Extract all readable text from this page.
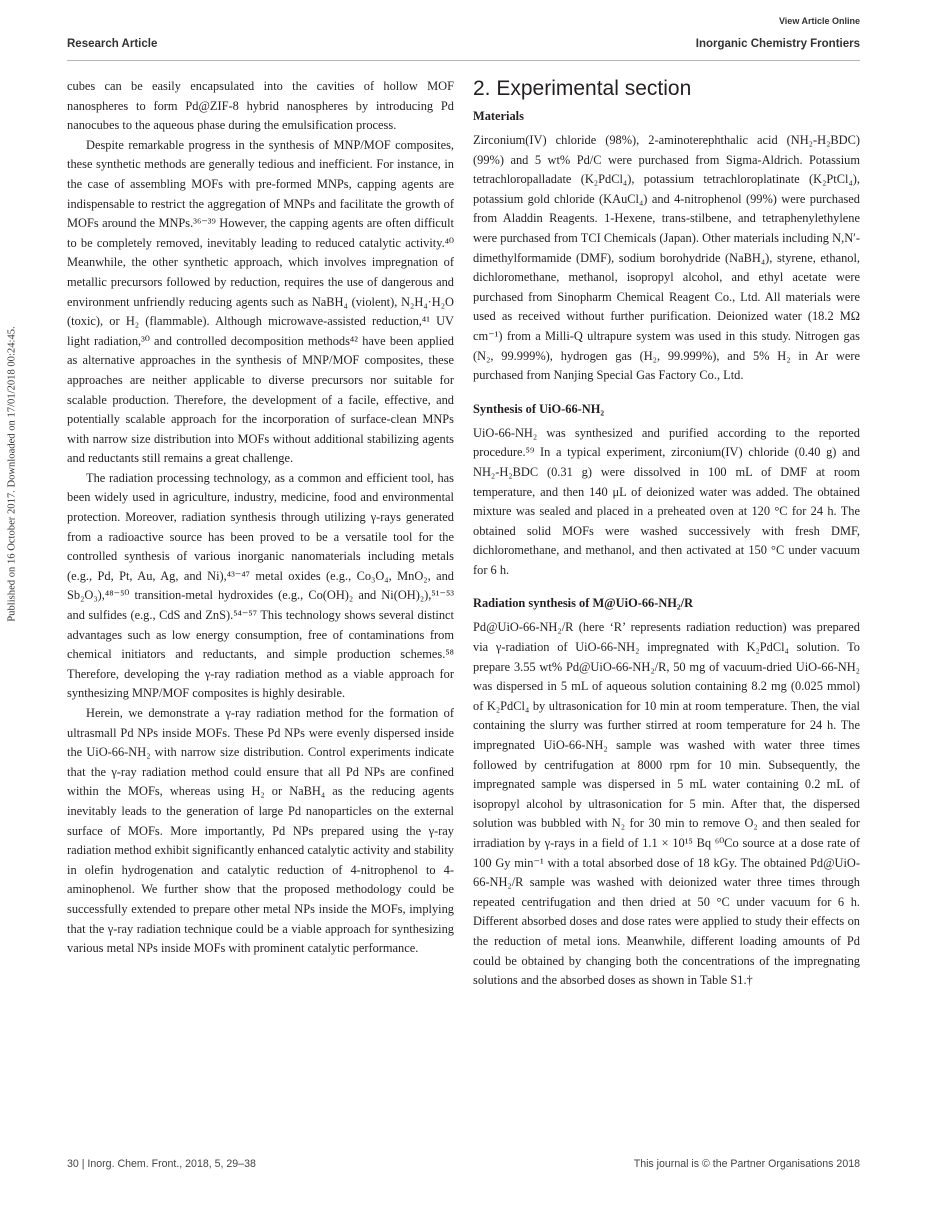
View Article Online
Research Article	Inorganic Chemistry Frontiers
Published on 16 October 2017. Downloaded on 17/01/2018 00:24:45.

cubes can be easily encapsulated into the cavities of hollow MOF nanospheres to form Pd@ZIF-8 hybrid nanospheres by introducing Pd nanocubes to the aqueous phase during the emulsification process.

Despite remarkable progress in the synthesis of MNP/MOF composites, these synthetic methods are generally tedious and inefficient. For instance, in the case of assembling MOFs with pre-formed MNPs, capping agents are indispensable to restrict the aggregation of MNPs and facilitate the growth of MOFs around the MNPs.³⁶⁻³⁹ However, the capping agents are often difficult to be completely removed, inevitably leading to reduced catalytic activity.⁴⁰ Meanwhile, the other synthetic approach, which involves impregnation of metallic precursors followed by reduction, requires the use of dangerous and environment unfriendly reducing agents such as NaBH₄ (violent), N₂H₄·H₂O (toxic), or H₂ (flammable). Although microwave-assisted reduction,⁴¹ UV light radiation,³⁰ and controlled decomposition methods⁴² have been applied as alternative approaches in the synthesis of MNP/MOF composites, these approaches are neither applicable to diverse precursors nor suitable for scalable production. Therefore, the development of a facile, effective, and potentially scalable approach for the incorporation of surface-clean MNPs with narrow size distribution into MOFs without additional stabilizing agents and reductants still remains a great challenge.

The radiation processing technology, as a common and efficient tool, has been widely used in agriculture, industry, medicine, food and environmental protection. Moreover, radiation synthesis through utilizing γ-rays generated from a radioactive source has been proved to be a versatile tool for the controlled synthesis of various inorganic nanomaterials including metals (e.g., Pd, Pt, Au, Ag, and Ni),⁴³⁻⁴⁷ metal oxides (e.g., Co₃O₄, MnO₂, and Sb₂O₃),⁴⁸⁻⁵⁰ transition-metal hydroxides (e.g., Co(OH)₂ and Ni(OH)₂),⁵¹⁻⁵³ and sulfides (e.g., CdS and ZnS).⁵⁴⁻⁵⁷ This technology shows several distinct advantages such as low energy consumption, free of contaminations from chemical initiators and reductants, and simple production schemes.⁵⁸ Therefore, developing the γ-ray radiation method as a viable approach for synthesizing MNP/MOF composites is highly desirable.

Herein, we demonstrate a γ-ray radiation method for the formation of ultrasmall Pd NPs inside MOFs. These Pd NPs were evenly dispersed inside the UiO-66-NH₂ with narrow size distribution. Control experiments indicate that the γ-ray radiation method could ensure that all Pd NPs are confined within the MOFs, whereas using H₂ or NaBH₄ as the reducing agents inevitably leads to the generation of large Pd nanoparticles on the external surface of MOFs. More importantly, Pd NPs prepared using the γ-ray radiation method exhibit significantly enhanced catalytic activity and stability in olefin hydrogenation and catalytic reduction of 4-nitrophenol to 4-aminophenol. We further show that the proposed methodology could be successfully extended to prepare other metal NPs inside the MOFs, implying that the γ-ray radiation technique could be a viable approach for synthesizing various metal NPs inside MOFs with prominent catalytic performance.

2. Experimental section
Materials

Zirconium(IV) chloride (98%), 2-aminoterephthalic acid (NH₂-H₂BDC) (99%) and 5 wt% Pd/C were purchased from Sigma-Aldrich. Potassium tetrachloropalladate (K₂PdCl₄), potassium tetrachloroplatinate (K₂PtCl₄), potassium gold chloride (KAuCl₄) and 4-nitrophenol (99%) were purchased from Aladdin Reagents. 1-Hexene, trans-stilbene, and tetraphenylethylene were purchased from TCI Chemicals (Japan). Other materials including N,N′-dimethylformamide (DMF), sodium borohydride (NaBH₄), styrene, ethanol, dichloromethane, methanol, isopropyl alcohol, and ethyl acetate were purchased from Sinopharm Chemical Reagent Co., Ltd. All materials were used as received without further purification. Deionized water (18.2 MΩ cm⁻¹) from a Milli-Q ultrapure system was used in this study. Nitrogen gas (N₂, 99.999%), hydrogen gas (H₂, 99.999%), and 5% H₂ in Ar were purchased from Nanjing Special Gas Factory Co., Ltd.

Synthesis of UiO-66-NH₂

UiO-66-NH₂ was synthesized and purified according to the reported procedure.⁵⁹ In a typical experiment, zirconium(IV) chloride (0.40 g) and NH₂-H₂BDC (0.31 g) were dissolved in 100 mL of DMF at room temperature, and then 140 μL of deionized water was added. The obtained mixture was sealed and placed in a preheated oven at 120 °C for 24 h. The obtained solid MOFs were washed successively with fresh DMF, dichloromethane, and methanol, and then activated at 150 °C under vacuum for 6 h.

Radiation synthesis of M@UiO-66-NH₂/R

Pd@UiO-66-NH₂/R (here ‘R’ represents radiation reduction) was prepared via γ-radiation of UiO-66-NH₂ impregnated with K₂PdCl₄ solution. To prepare 3.55 wt% Pd@UiO-66-NH₂/R, 50 mg of vacuum-dried UiO-66-NH₂ was dispersed in 5 mL of aqueous solution containing 8.2 mg (0.025 mmol) of K₂PdCl₄ by ultrasonication for 10 min at room temperature. Then, the vial containing the slurry was further stirred at room temperature for 24 h. The impregnated UiO-66-NH₂ sample was washed with water three times followed by centrifugation at 8000 rpm for 10 min. Subsequently, the impregnated sample was dispersed in 5 mL water containing 0.2 mL of isopropyl alcohol by ultrasonication for 5 min. After that, the dispersed solution was bubbled with N₂ for 30 min to remove O₂ and then sealed for irradiation by γ-rays in a field of 1.1 × 10¹⁵ Bq ⁶⁰Co source at a dose rate of 100 Gy min⁻¹ with a total absorbed dose of 18 kGy. The obtained Pd@UiO-66-NH₂/R sample was washed with deionized water three times through repeated centrifugation and then dried at 50 °C under vacuum for 6 h. Different absorbed doses and dose rates were applied to study their effects on the reduction of metal ions. Meanwhile, different loading amounts of Pd could be obtained by changing both the concentrations of the impregnating solutions and the absorbed doses as shown in Table S1.†

30 | Inorg. Chem. Front., 2018, 5, 29–38	This journal is © the Partner Organisations 2018
